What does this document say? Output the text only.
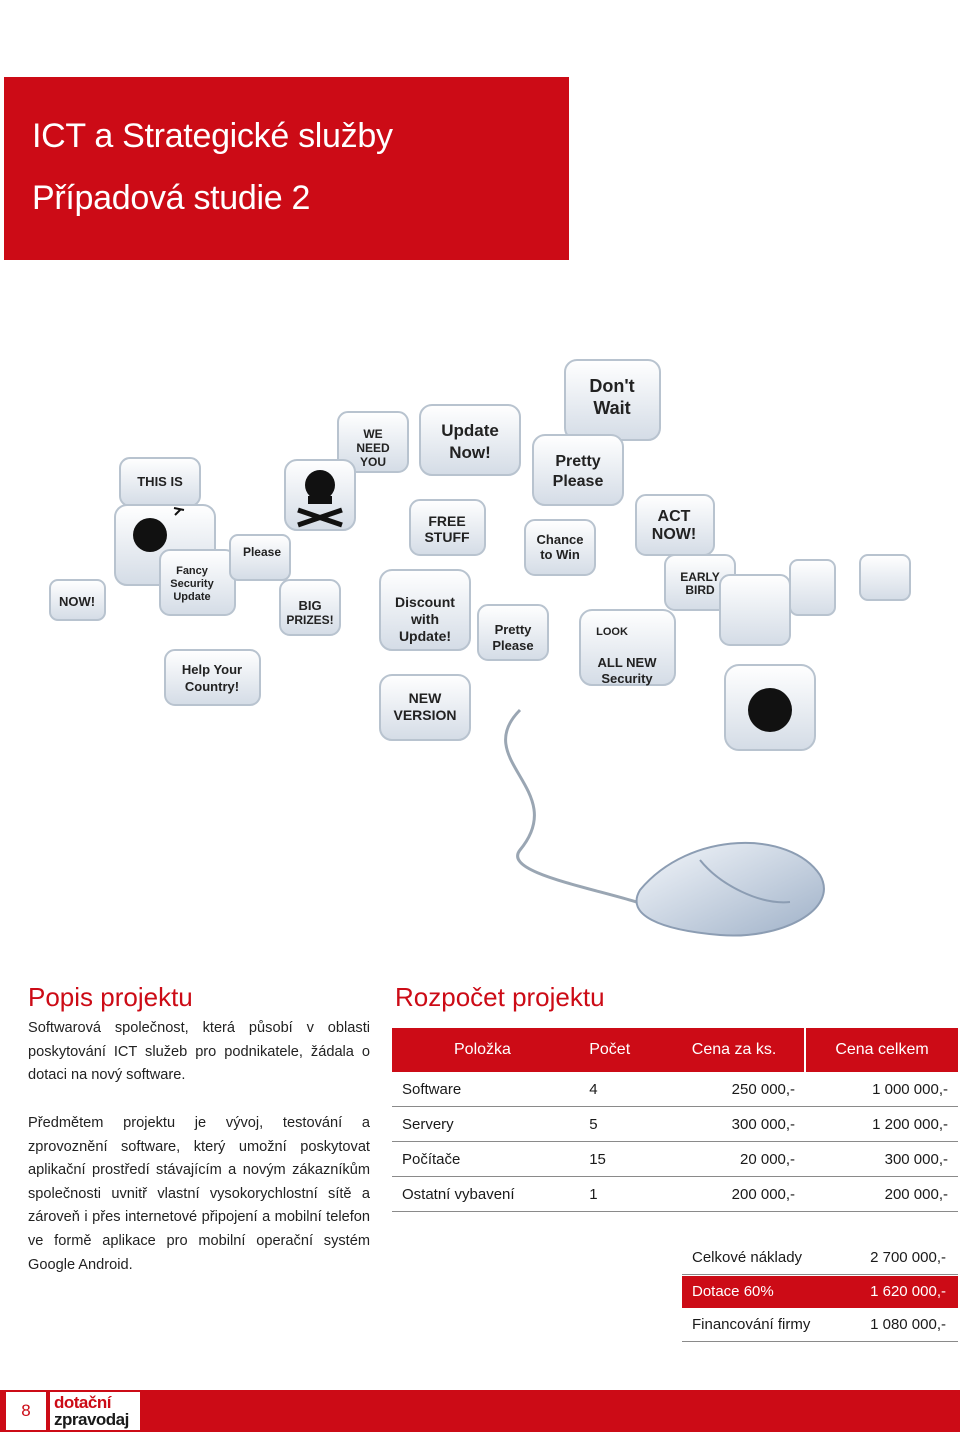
ICT a Strategické služby
Případová studie 2
THIS IS
WE
NEED
YOU
Update
Now!
Don't
Wait
Pretty
Please
Fancy
Security
Update
Please
FREE
STUFF	Chance
to Win
ACT
NOW!
NOW!	BIG
PRIZES!
Discount
with
Update!	Pretty
Please
EARLY
BIRD
LOOK
ALL NEW
Security
Help Your
Country!
NEW
VERSION
Popis projektu
Softwarová společnost, která působí v oblasti poskytování ICT služeb pro podnikatele, žádala o dotaci na nový software.
Předmětem projektu je vývoj, testování a zprovoznění software, který umožní poskytovat aplikační prostředí stávajícím a novým zákazníkům společnosti uvnitř vlastní vysokorychlostní sítě a zároveň i přes internetové připojení a mobilní telefon ve formě aplikace pro mobilní operační systém Google Android.
Rozpočet projektu
Položka	Počet	Cena za ks.	Cena celkem
Software	4	250 000,-	1 000 000,-
Servery	5	300 000,-	1 200 000,-
Počítače	15	20 000,-	300 000,-
Ostatní vybavení	1	200 000,-	200 000,-
Celkové náklady	2 700 000,-
Dotace 60%	1 620 000,-
Financování firmy	1 080 000,-
8	dotační
zpravodaj
